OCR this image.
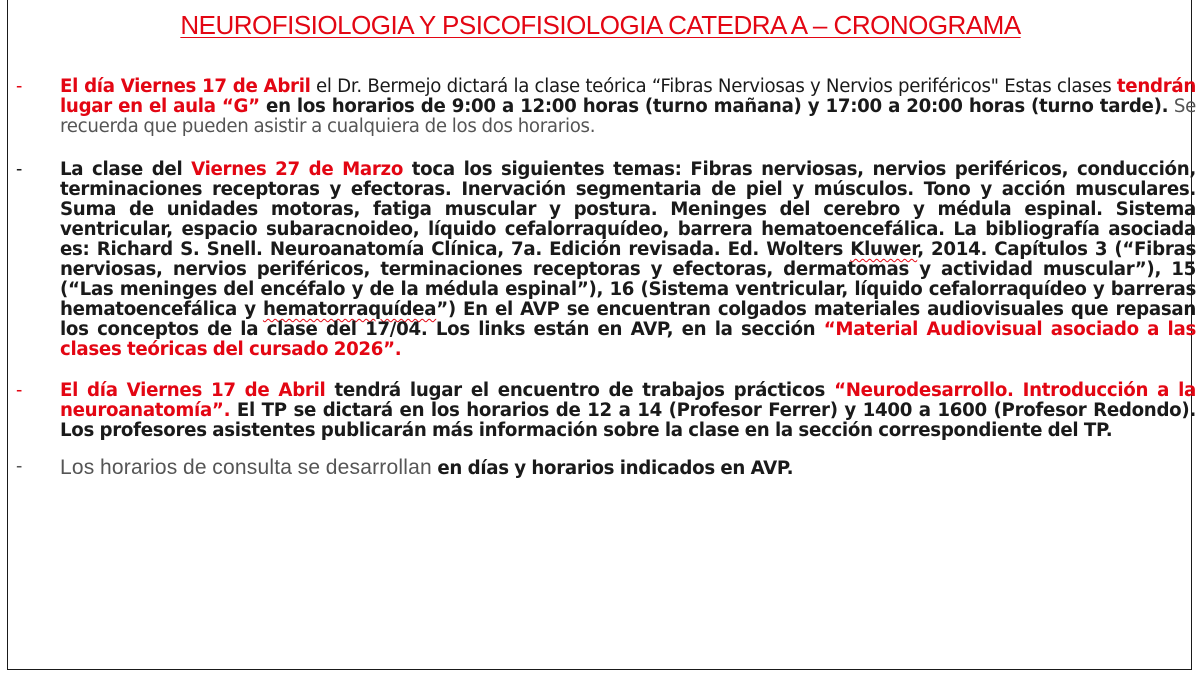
NEUROFISIOLOGIA Y PSICOFISIOLOGIA CATEDRA A – CRONOGRAMA
- El día Viernes 17 de Abril el Dr. Bermejo dictará la clase teórica “Fibras Nerviosas y Nervios periféricos" Estas clases tendrán lugar en el aula “G” en los horarios de 9:00 a 12:00 horas (turno mañana) y 17:00 a 20:00 horas (turno tarde). Se recuerda que pueden asistir a cualquiera de los dos horarios.
- La clase del Viernes 27 de Marzo toca los siguientes temas: Fibras nerviosas, nervios periféricos, conducción, terminaciones receptoras y efectoras. Inervación segmentaria de piel y músculos. Tono y acción musculares. Suma de unidades motoras, fatiga muscular y postura. Meninges del cerebro y médula espinal. Sistema ventricular, espacio subaracnoideo, líquido cefalorraquídeo, barrera hematoencefálica. La bibliografía asociada es: Richard S. Snell. Neuroanatomía Clínica, 7a. Edición revisada. Ed. Wolters Kluwer, 2014. Capítulos 3 (“Fibras nerviosas, nervios periféricos, terminaciones receptoras y efectoras, dermatomas y actividad muscular”), 15 (“Las meninges del encéfalo y de la médula espinal”), 16 (Sistema ventricular, líquido cefalorraquídeo y barreras hematoencefálica y hematorraquídea”) En el AVP se encuentran colgados materiales audiovisuales que repasan los conceptos de la clase del 17/04. Los links están en AVP, en la sección “Material Audiovisual asociado a las clases teóricas del cursado 2026”.
- El día Viernes 17 de Abril tendrá lugar el encuentro de trabajos prácticos “Neurodesarrollo. Introducción a la neuroanatomía”. El TP se dictará en los horarios de 12 a 14 (Profesor Ferrer) y 1400 a 1600 (Profesor Redondo). Los profesores asistentes publicarán más información sobre la clase en la sección correspondiente del TP.
- Los horarios de consulta se desarrollan en días y horarios indicados en AVP.
